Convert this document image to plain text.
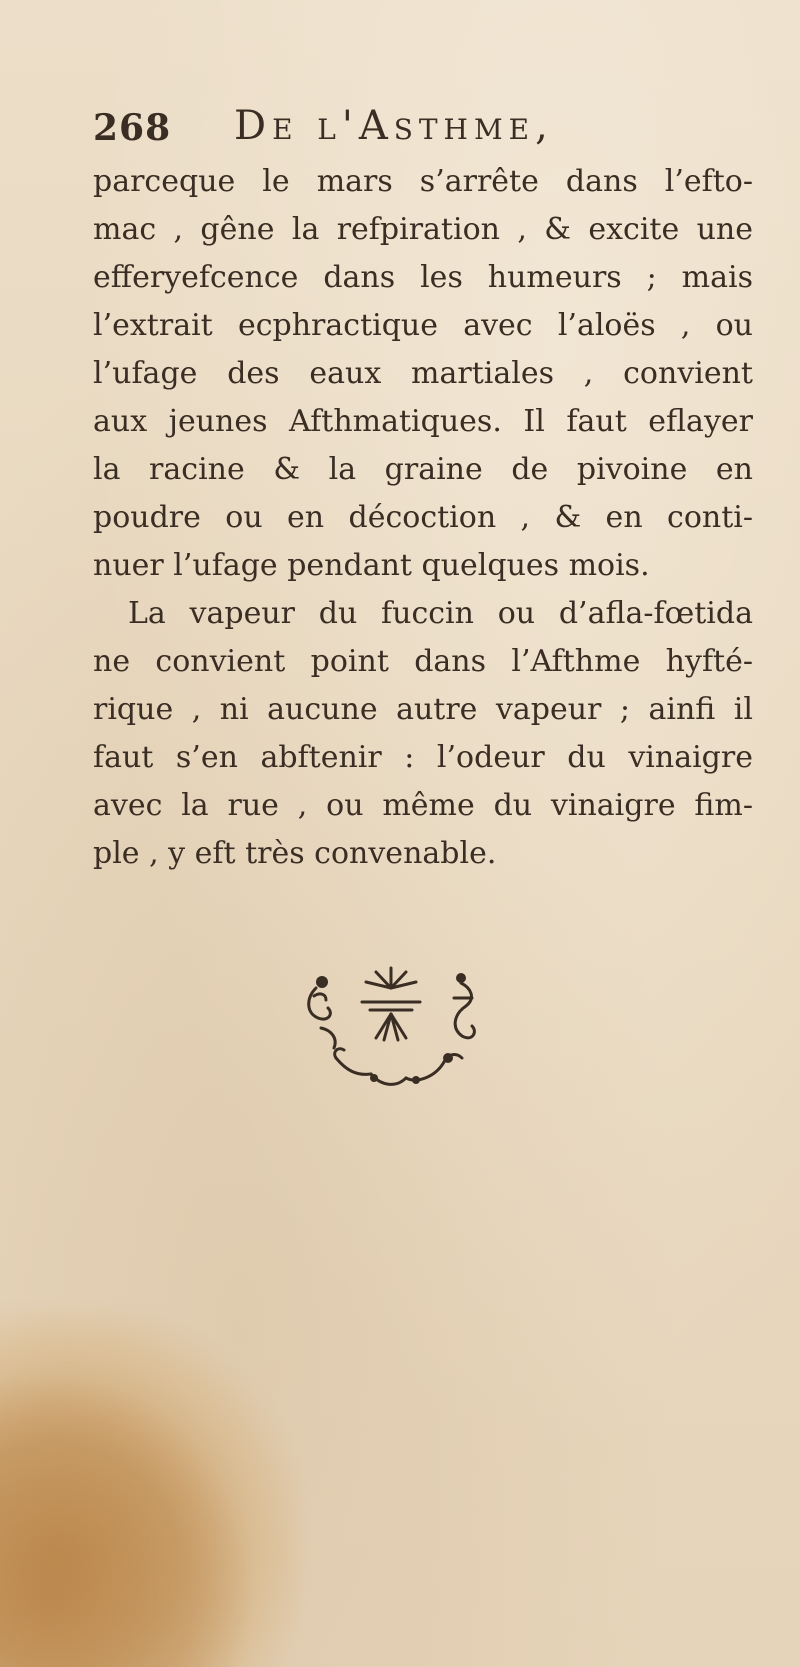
268 De l'Asthme,
parceque le mars s’arrête dans l’efto-
mac , gêne la refpiration , & excite une
efferyefcence dans les humeurs ; mais
l’extrait ecphractique avec l’aloës , ou
l’ufage des eaux martiales , convient
aux jeunes Afthmatiques. Il faut eflayer
la racine & la graine de pivoine en
poudre ou en décoction , & en conti-
nuer l’ufage pendant quelques mois.
La vapeur du fuccin ou d’afla-fœtida
ne convient point dans l’Afthme hyfté-
rique , ni aucune autre vapeur ; ainfi il
faut s’en abftenir : l’odeur du vinaigre
avec la rue , ou même du vinaigre fim-
ple , y eft très convenable.
